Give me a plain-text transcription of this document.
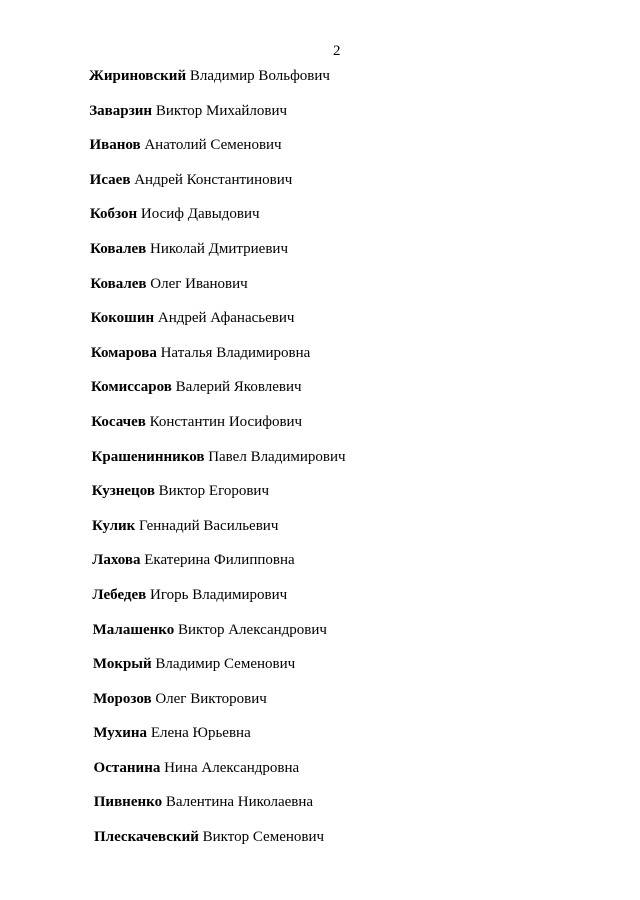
2
Жириновский Владимир Вольфович
Заварзин Виктор Михайлович
Иванов Анатолий Семенович
Исаев Андрей Константинович
Кобзон Иосиф Давыдович
Ковалев Николай Дмитриевич
Ковалев Олег Иванович
Кокошин Андрей Афанасьевич
Комарова Наталья Владимировна
Комиссаров Валерий Яковлевич
Косачев Константин Иосифович
Крашенинников Павел Владимирович
Кузнецов Виктор Егорович
Кулик Геннадий Васильевич
Лахова Екатерина Филипповна
Лебедев Игорь Владимирович
Малашенко Виктор Александрович
Мокрый Владимир Семенович
Морозов Олег Викторович
Мухина Елена Юрьевна
Останина Нина Александровна
Пивненко Валентина Николаевна
Плескачевский Виктор Семенович
